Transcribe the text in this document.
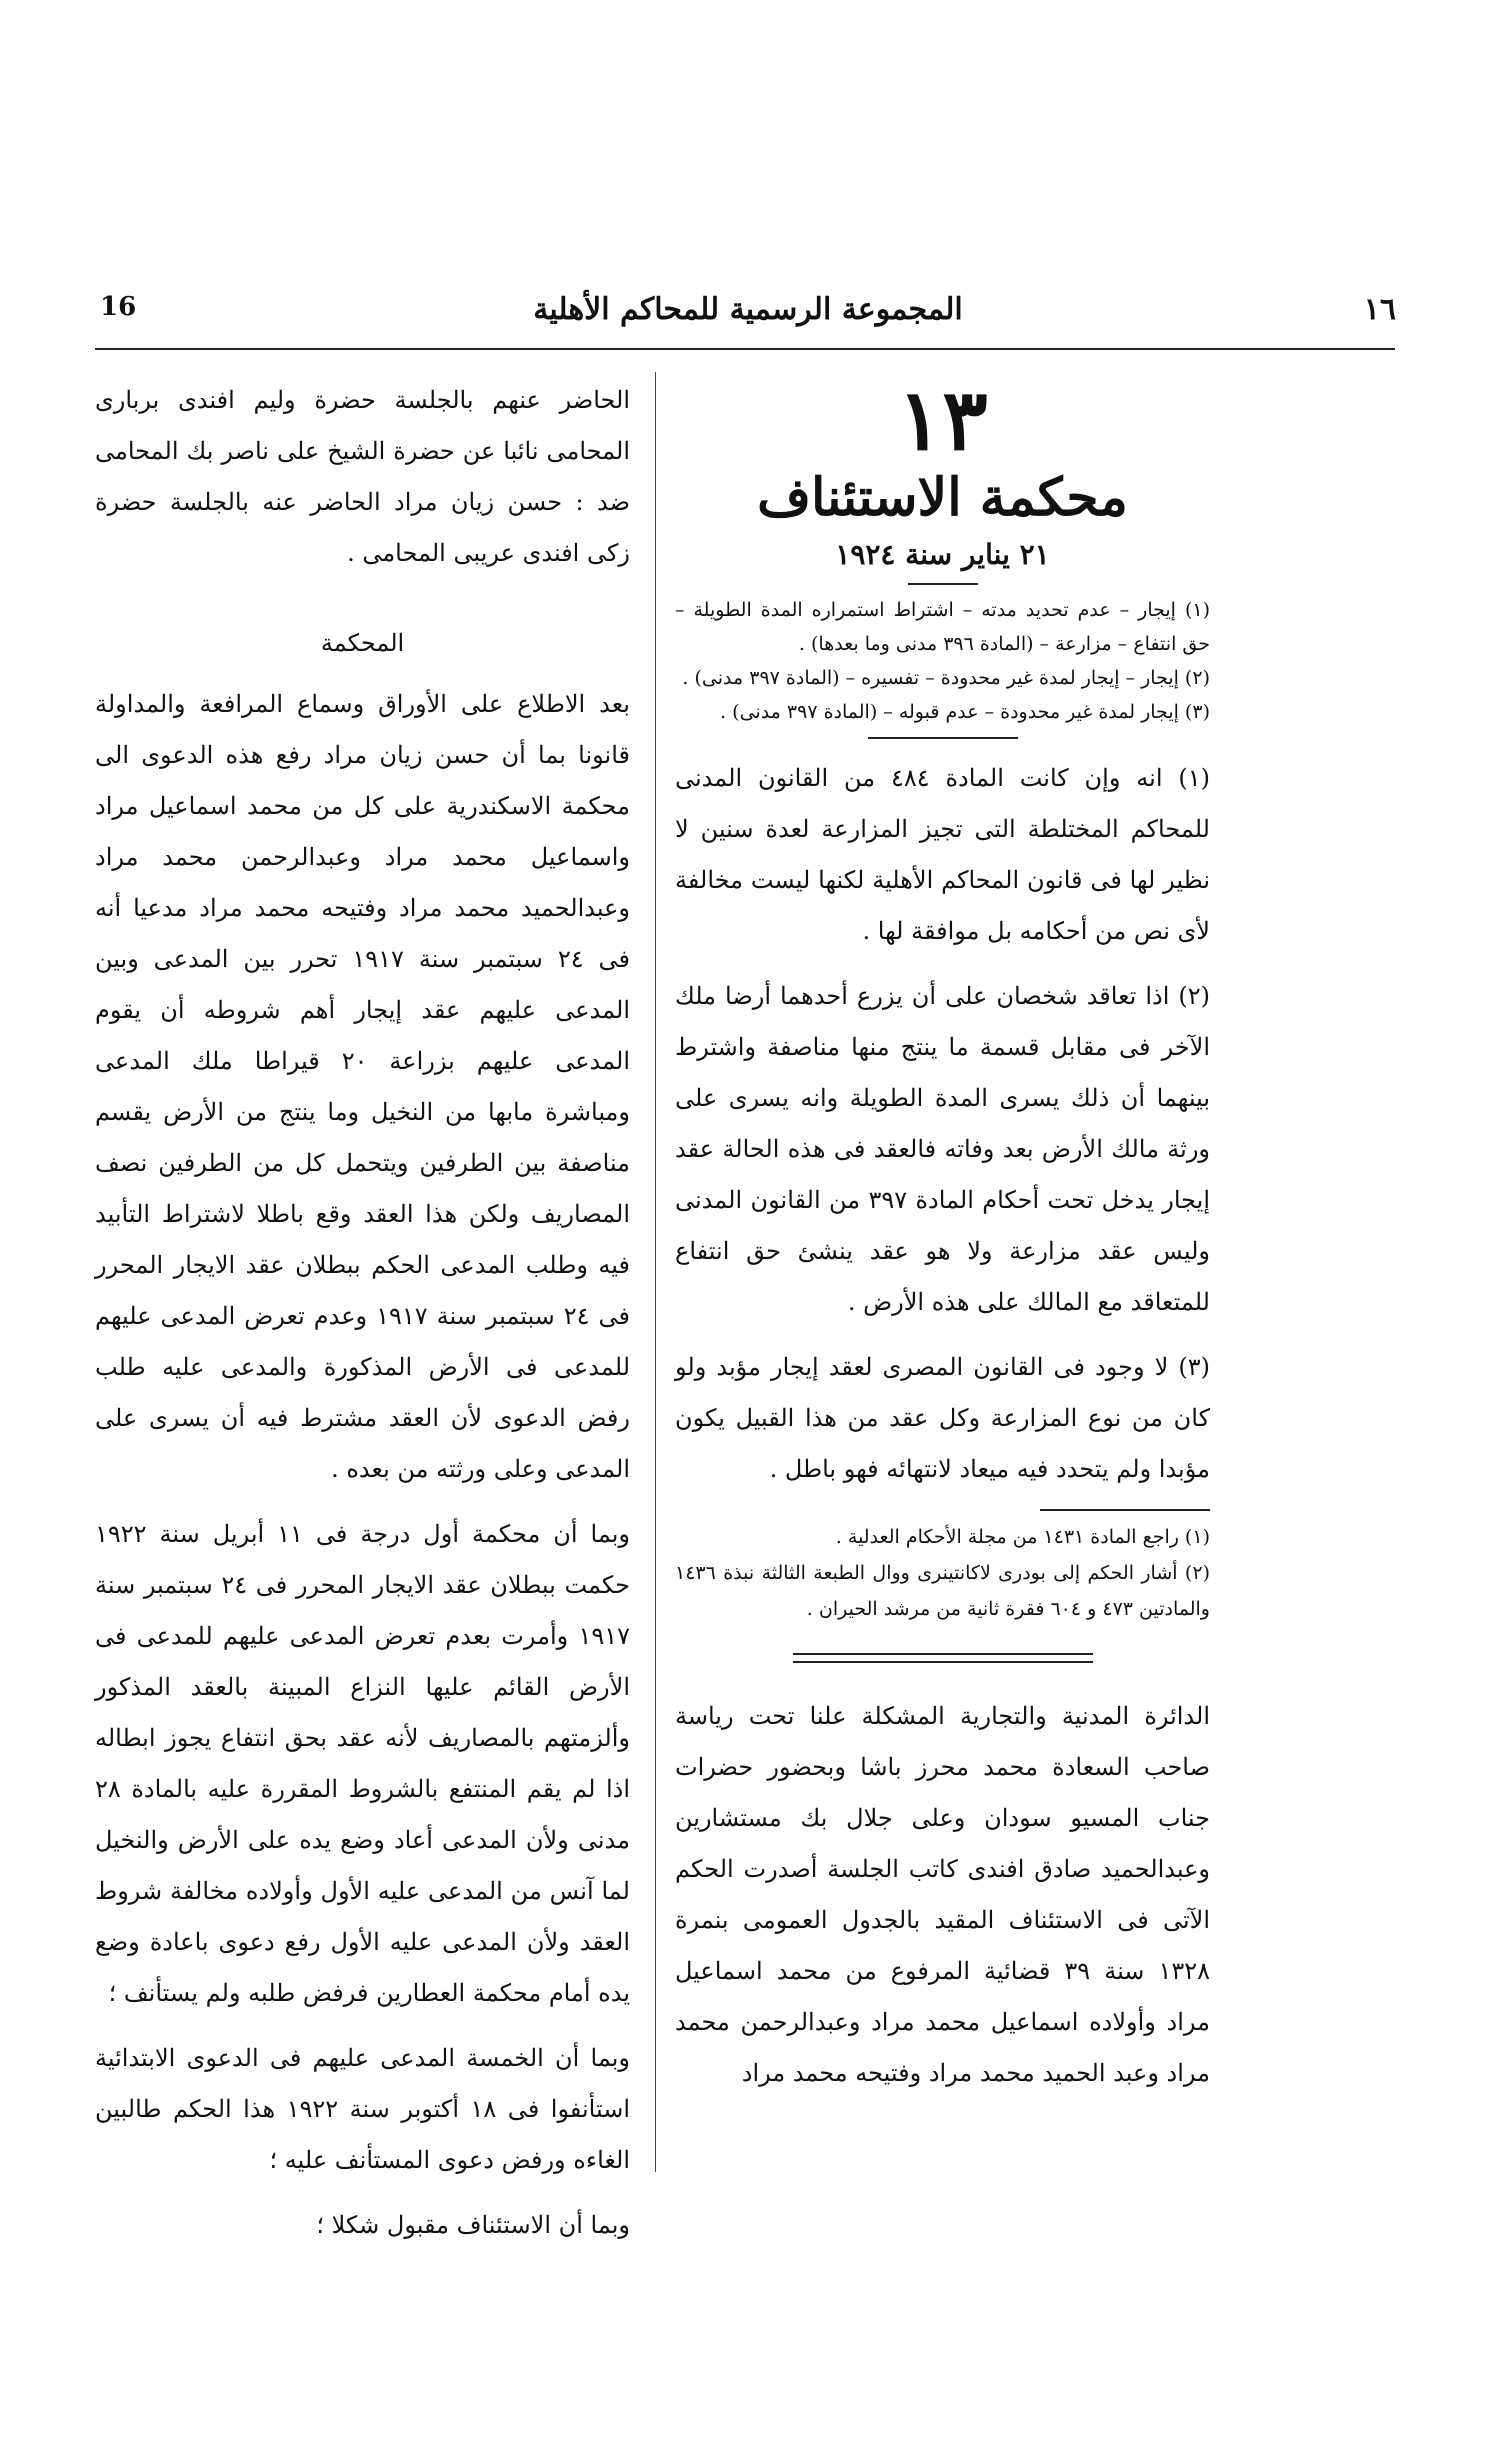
16	المجموعة الرسمية للمحاكم الأهلية	١٦
١٣
محكمة الاستئناف
٢١ يناير سنة ١٩٢٤

(١) إيجار – عدم تحديد مدته – اشتراط استمراره المدة الطويلة – حق انتفاع – مزارعة – (المادة ٣٩٦ مدنى وما بعدها) .

(٢) إيجار – إيجار لمدة غير محدودة – تفسيره – (المادة ٣٩٧ مدنى) .

(٣) إيجار لمدة غير محدودة – عدم قبوله – (المادة ٣٩٧ مدنى) .

(١) انه وإن كانت المادة ٤٨٤ من القانون المدنى للمحاكم المختلطة التى تجيز المزارعة لعدة سنين لا نظير لها فى قانون المحاكم الأهلية لكنها ليست مخالفة لأى نص من أحكامه بل موافقة لها .

(٢) اذا تعاقد شخصان على أن يزرع أحدهما أرضا ملك الآخر فى مقابل قسمة ما ينتج منها مناصفة واشترط بينهما أن ذلك يسرى المدة الطويلة وانه يسرى على ورثة مالك الأرض بعد وفاته فالعقد فى هذه الحالة عقد إيجار يدخل تحت أحكام المادة ٣٩٧ من القانون المدنى وليس عقد مزارعة ولا هو عقد ينشئ حق انتفاع للمتعاقد مع المالك على هذه الأرض .

(٣) لا وجود فى القانون المصرى لعقد إيجار مؤبد ولو كان من نوع المزارعة وكل عقد من هذا القبيل يكون مؤبدا ولم يتحدد فيه ميعاد لانتهائه فهو باطل .

(١) راجع المادة ١٤٣١ من مجلة الأحكام العدلية .

(٢) أشار الحكم إلى بودرى لاكانتينرى ووال الطبعة الثالثة نبذة ١٤٣٦ والمادتين ٤٧٣ و ٦٠٤ فقرة ثانية من مرشد الحيران .

الدائرة المدنية والتجارية المشكلة علنا تحت رياسة صاحب السعادة محمد محرز باشا وبحضور حضرات جناب المسيو سودان وعلى جلال بك مستشارين وعبدالحميد صادق افندى كاتب الجلسة أصدرت الحكم الآتى فى الاستئناف المقيد بالجدول العمومى بنمرة ١٣٢٨ سنة ٣٩ قضائية المرفوع من محمد اسماعيل مراد وأولاده اسماعيل محمد مراد وعبدالرحمن محمد مراد وعبد الحميد محمد مراد وفتيحه محمد مراد

الحاضر عنهم بالجلسة حضرة وليم افندى بربارى المحامى نائبا عن حضرة الشيخ على ناصر بك المحامى ضد : حسن زيان مراد الحاضر عنه بالجلسة حضرة زكى افندى عريبى المحامى .

المحكمة

بعد الاطلاع على الأوراق وسماع المرافعة والمداولة قانونا بما أن حسن زيان مراد رفع هذه الدعوى الى محكمة الاسكندرية على كل من محمد اسماعيل مراد واسماعيل محمد مراد وعبدالرحمن محمد مراد وعبدالحميد محمد مراد وفتيحه محمد مراد مدعيا أنه فى ٢٤ سبتمبر سنة ١٩١٧ تحرر بين المدعى وبين المدعى عليهم عقد إيجار أهم شروطه أن يقوم المدعى عليهم بزراعة ٢٠ قيراطا ملك المدعى ومباشرة مابها من النخيل وما ينتج من الأرض يقسم مناصفة بين الطرفين ويتحمل كل من الطرفين نصف المصاريف ولكن هذا العقد وقع باطلا لاشتراط التأبيد فيه وطلب المدعى الحكم ببطلان عقد الايجار المحرر فى ٢٤ سبتمبر سنة ١٩١٧ وعدم تعرض المدعى عليهم للمدعى فى الأرض المذكورة والمدعى عليه طلب رفض الدعوى لأن العقد مشترط فيه أن يسرى على المدعى وعلى ورثته من بعده .

وبما أن محكمة أول درجة فى ١١ أبريل سنة ١٩٢٢ حكمت ببطلان عقد الايجار المحرر فى ٢٤ سبتمبر سنة ١٩١٧ وأمرت بعدم تعرض المدعى عليهم للمدعى فى الأرض القائم عليها النزاع المبينة بالعقد المذكور وألزمتهم بالمصاريف لأنه عقد بحق انتفاع يجوز ابطاله اذا لم يقم المنتفع بالشروط المقررة عليه بالمادة ٢٨ مدنى ولأن المدعى أعاد وضع يده على الأرض والنخيل لما آنس من المدعى عليه الأول وأولاده مخالفة شروط العقد ولأن المدعى عليه الأول رفع دعوى باعادة وضع يده أمام محكمة العطارين فرفض طلبه ولم يستأنف ؛

وبما أن الخمسة المدعى عليهم فى الدعوى الابتدائية استأنفوا فى ١٨ أكتوبر سنة ١٩٢٢ هذا الحكم طالبين الغاءه ورفض دعوى المستأنف عليه ؛

وبما أن الاستئناف مقبول شكلا ؛
